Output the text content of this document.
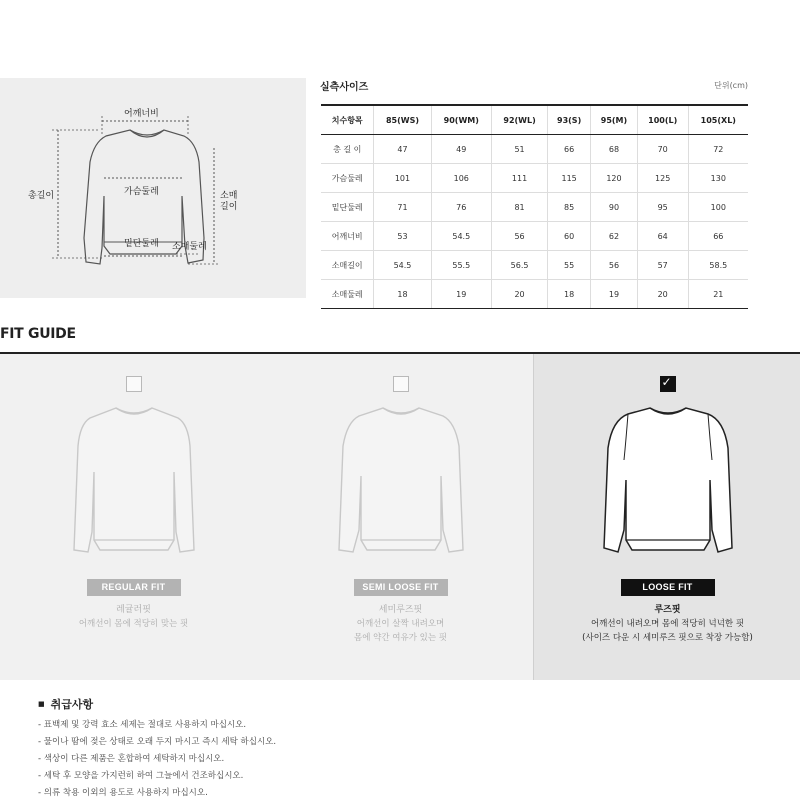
어깨너비
가슴둘레
총길이	소매
길이
밑단둘레 소매둘레
실측사이즈	단위(cm)
치수항목	85(WS)	90(WM)	92(WL)	93(S)	95(M)	100(L)	105(XL)
총 길 이	47	49	51	66	68	70	72
가슴둘레	101	106	111	115	120	125	130
밑단둘레	71	76	81	85	90	95	100
어깨너비	53	54.5	56	60	62	64	66
소매길이	54.5	55.5	56.5	55	56	57	58.5
소매둘레	18	19	20	18	19	20	21
FIT GUIDE
REGULAR FIT
레귤러핏
어깨선이 몸에 적당히 맞는 핏
SEMI LOOSE FIT
세미루즈핏
어깨선이 살짝 내려오며
몸에 약간 여유가 있는 핏
✓
LOOSE FIT
루즈핏
어깨선이 내려오며 몸에 적당히 넉넉한 핏
(사이즈 다운 시 세미루즈 핏으로 착장 가능함)
■ 취급사항
- 표백제 및 강력 효소 세제는 절대로 사용하지 마십시오.
- 물이나 땀에 젖은 상태로 오래 두지 마시고 즉시 세탁 하십시오.
- 색상이 다른 제품은 혼합하여 세탁하지 마십시오.
- 세탁 후 모양을 가지런히 하여 그늘에서 건조하십시오.
- 의류 착용 이외의 용도로 사용하지 마십시오.
